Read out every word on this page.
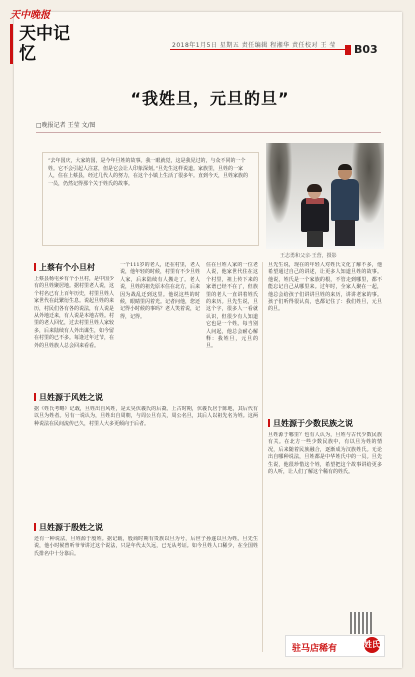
天中晚报
天中记忆	2018年1月5日 星期五 责任编辑 程湘华 责任校对 王 莹	B03
“我姓旦，元旦的旦”
□晚报记者 王莹 文/图
“去年国庆，大家的国，是今年旦姓的故事。我一眼就觉，这是我见过的，与众不同的一个姓。它不会引起人注意，但是它会让人印象深刻。”旦先生这样说道。家族里，旦姓的一家人，住在上蔡县，经过几代人的努力，在这个小镇上生活了很多年。直到今天，旦姓家族的一员，仍然记得那个关于姓氏的故事。
王志勇和父亲·王营，摄影
上蔡有个小旦村
上蔡县杨屯乡有个小旦村，是中国少有的旦姓聚居地。据村里老人说，这个村名已有上百年历史，村里旦姓人家世代在此繁衍生息。说起旦姓的来历，村民们各有各的说法，有人说是从外地迁来，有人说是本地古姓。村里的老人回忆，过去村里旦姓人家较多，后来陆续有人外出谋生，如今留在村里的已不多。每逢过年过节，在外的旦姓族人总会回来看看。
一个111岁的老人，还在村里，老人说，他年轻的时候，村里有不少旦姓人家，后来陆续有人搬走了。老人说，旦姓的祖先原本住在北方，后来因为战乱迁到这里。他说这些的时候，眼睛里闪着光。记者问他，您还记得小时候的事吗？老人笑着说，记得，记得。
住在旦姓人家的一位老人说，他家世代住在这个村里，祖上传下来的家谱已经不在了，但族里的老人一直讲着姓氏的来历。旦先生说，旦这个字，很多人一看就认识，但很少有人知道它也是一个姓。每当别人问起，他总会耐心解释：我姓旦，元旦的旦。
旦姓源于风姓之说
据《姓氏考略》记载，旦姓出自风姓，是太昊伏羲氏的后裔。上古时期，伏羲氏居于陈地，其后代有以旦为姓者。另有一说认为，旦姓出自周朝，与周公旦有关，周公名旦，其后人以祖先名为姓。这两种说法在民间流传已久，村里人大多更倾向于后者。
旦姓源于殷姓之说
还有一种说法，旦姓源于殷姓。据记载，殷商时期有贵族以旦为号，后世子孙遂以旦为姓。旦先生说，他小时候曾听爷爷讲过这个说法，只是年代太久远，已无从考证。如今旦姓人口稀少，在全国姓氏排名中十分靠后。
旦先生说，现在的年轻人对姓氏文化了解不多，他希望通过自己的讲述，让更多人知道旦姓的故事。他说，姓氏是一个家族的根，不管走到哪里，都不能忘记自己从哪里来。过年时，全家人聚在一起，他总会给孩子们讲讲旦姓的来历，讲讲老家的事。孩子们听得很认真，也都记住了：我们姓旦，元旦的旦。
旦姓源于少数民族之说
旦姓源于哪里？也有人认为，旦姓与古代少数民族有关。在北方一些少数民族中，有以旦为姓的情况，后来随着民族融合，逐渐成为汉族姓氏。无论出自哪种说法，旦姓都是中华姓氏中的一员。旦先生说，他很珍惜这个姓，希望把这个故事讲给更多的人听，让人们了解这个稀有的姓氏。
驻马店稀有	姓氏
